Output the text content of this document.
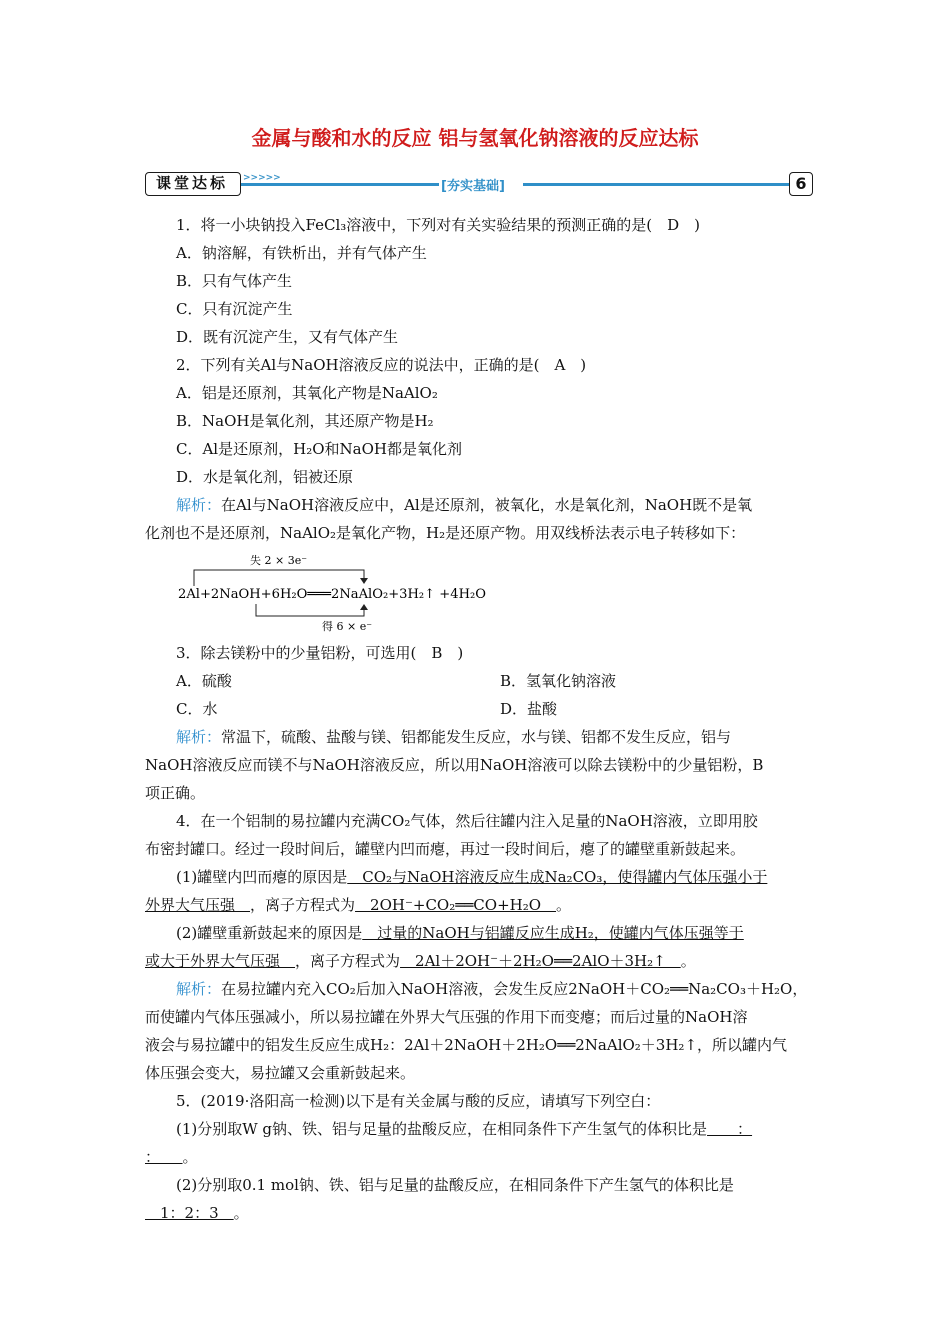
金属与酸和水的反应 铝与氢氧化钠溶液的反应达标
课堂达标	>>>>>
[夯实基础]	6
1．将一小块钠投入FeCl₃溶液中，下列对有关实验结果的预测正确的是(　D　)
A．钠溶解，有铁析出，并有气体产生
B．只有气体产生
C．只有沉淀产生
D．既有沉淀产生，又有气体产生
2．下列有关Al与NaOH溶液反应的说法中，正确的是(　A　)
A．铝是还原剂，其氧化产物是NaAlO₂
B．NaOH是氧化剂，其还原产物是H₂
C．Al是还原剂，H₂O和NaOH都是氧化剂
D．水是氧化剂，铝被还原
解析：在Al与NaOH溶液反应中，Al是还原剂，被氧化，水是氧化剂，NaOH既不是氧
化剂也不是还原剂，NaAlO₂是氧化产物，H₂是还原产物。用双线桥法表示电子转移如下：
失 2 × 3e⁻
2Al+2NaOH+6H₂O═══2NaAlO₂+3H₂↑ +4H₂O
得 6 × e⁻
3．除去镁粉中的少量铝粉，可选用(　B　)
A．硫酸	B．氢氧化钠溶液
C．水	D．盐酸
解析：常温下，硫酸、盐酸与镁、铝都能发生反应，水与镁、铝都不发生反应，铝与
NaOH溶液反应而镁不与NaOH溶液反应，所以用NaOH溶液可以除去镁粉中的少量铝粉，B
项正确。
4．在一个铝制的易拉罐内充满CO₂气体，然后往罐内注入足量的NaOH溶液，立即用胶
布密封罐口。经过一段时间后，罐壁内凹而瘪，再过一段时间后，瘪了的罐壁重新鼓起来。
(1)罐壁内凹而瘪的原因是　CO₂与NaOH溶液反应生成Na₂CO₃，使得罐内气体压强小于
外界大气压强　，离子方程式为　2OH⁻+CO₂══CO+H₂O　。
(2)罐壁重新鼓起来的原因是　过量的NaOH与铝罐反应生成H₂，使罐内气体压强等于
或大于外界大气压强　，离子方程式为　2Al＋2OH⁻＋2H₂O══2AlO＋3H₂↑　。
解析：在易拉罐内充入CO₂后加入NaOH溶液，会发生反应2NaOH＋CO₂══Na₂CO₃＋H₂O，
而使罐内气体压强减小，所以易拉罐在外界大气压强的作用下而变瘪；而后过量的NaOH溶
液会与易拉罐中的铝发生反应生成H₂：2Al＋2NaOH＋2H₂O══2NaAlO₂＋3H₂↑，所以罐内气
体压强会变大，易拉罐又会重新鼓起来。
5．(2019·洛阳高一检测)以下是有关金属与酸的反应，请填写下列空白：
(1)分别取W g钠、铁、铝与足量的盐酸反应，在相同条件下产生氢气的体积比是　　：
：　　。
(2)分别取0.1 mol钠、铁、铝与足量的盐酸反应，在相同条件下产生氢气的体积比是
　1：2：3　。
